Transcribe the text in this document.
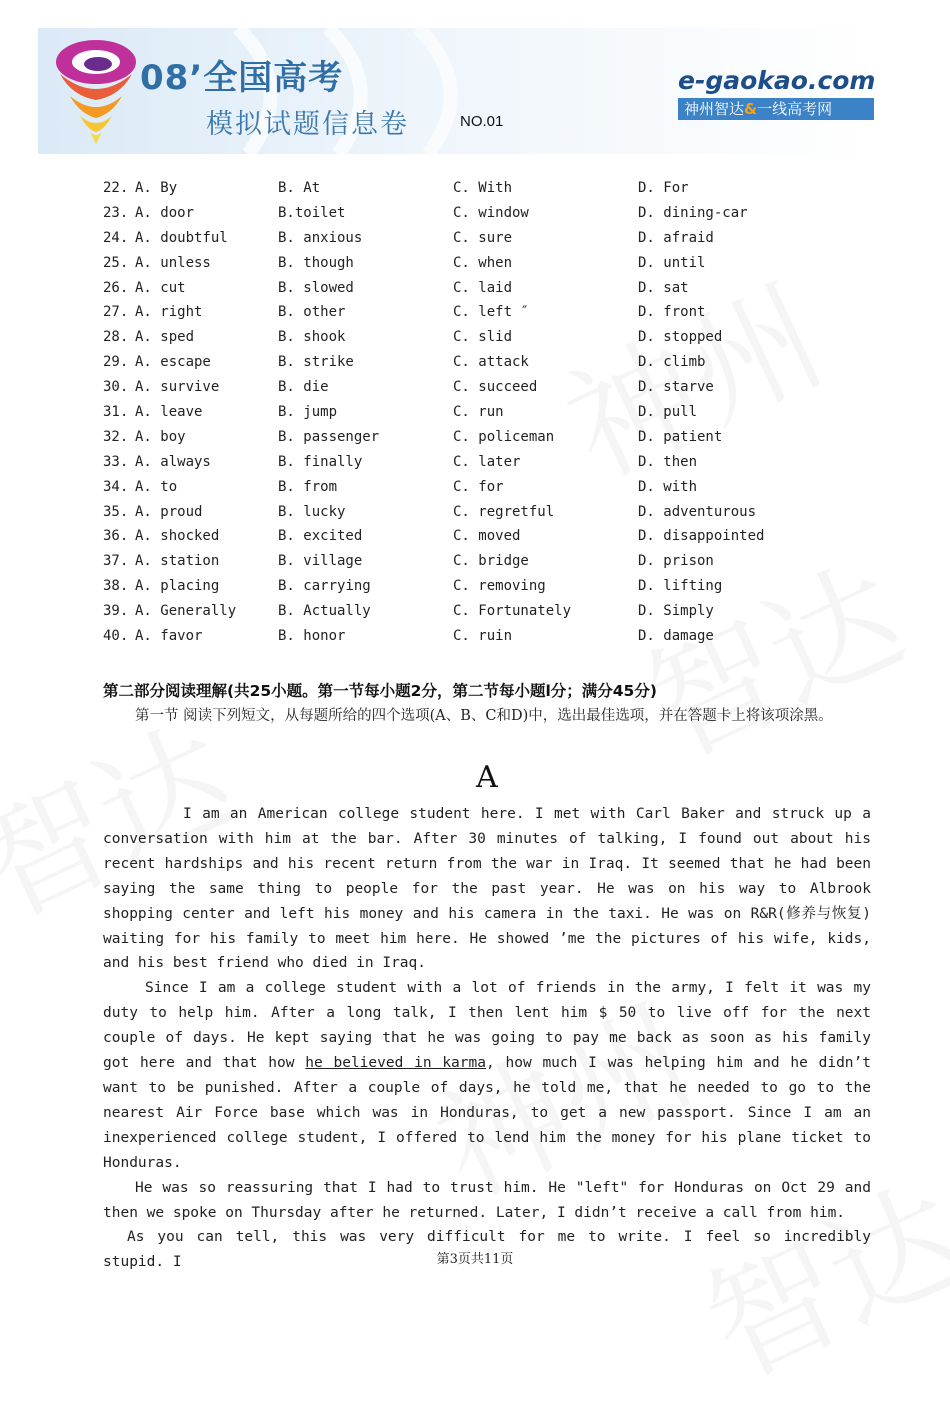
08’全国高考
模拟试题信息卷	NO.01
e-gaokao.com
神州智达&一线高考网
22. A. By	B. At	C. With	D. For
23. A. door	B.toilet	C. window	D. dining-car
24. A. doubtful	B. anxious	C. sure	D. afraid
25. A. unless	B. though	C. when	D. until
26. A. cut	B. slowed	C. laid	D. sat
27. A. right	B. other	C. left ″	D. front
28. A. sped	B. shook	C. slid	D. stopped
29. A. escape	B. strike	C. attack	D. climb
30. A. survive	B. die	C. succeed	D. starve
31. A. leave	B. jump	C. run	D. pull
32. A. boy	B. passenger	C. policeman	D. patient
33. A. always	B. finally	C. later	D. then
34. A. to	B. from	C. for	D. with
35. A. proud	B. lucky	C. regretful	D. adventurous
36. A. shocked	B. excited	C. moved	D. disappointed
37. A. station	B. village	C. bridge	D. prison
38. A. placing	B. carrying	C. removing	D. lifting
39. A. Generally	B. Actually	C. Fortunately	D. Simply
40. A. favor	B. honor	C. ruin	D. damage
第二部分阅读理解(共25小题。第一节每小题2分，第二节每小题l分；满分45分)
第一节 阅读下列短文，从每题所给的四个选项(A、B、C和D)中，选出最佳选项，并在答题卡上将该项涂黑。
A

I am an American college student here. I met with Carl Baker and struck up a conversation with him at the bar. After 30 minutes of talking, I found out about his recent hardships and his recent return from the war in Iraq. It seemed that he had been saying the same thing to people for the past year. He was on his way to Albrook shopping center and left his money and his camera in the taxi. He was on R&R(修养与恢复) waiting for his family to meet him here. He showed ’me the pictures of his wife, kids, and his best friend who died in Iraq.

Since I am a college student with a lot of friends in the army, I felt it was my duty to help him. After a long talk, I then lent him $ 50 to live off for the next couple of days. He kept saying that he was going to pay me back as soon as his family got here and that how he believed in karma, how much I was helping him and he didn’t want to be punished. After a couple of days, he told me, that he needed to go to the nearest Air Force base which was in Honduras, to get a new passport. Since I am an inexperienced college student, I offered to lend him the money for his plane ticket to Honduras.

He was so reassuring that I had to trust him. He "left" for Honduras on Oct 29 and then we spoke on Thursday after he returned. Later, I didn’t receive a call from him.

As you can tell, this was very difficult for me to write. I feel so incredibly stupid. I	第3页共11页
